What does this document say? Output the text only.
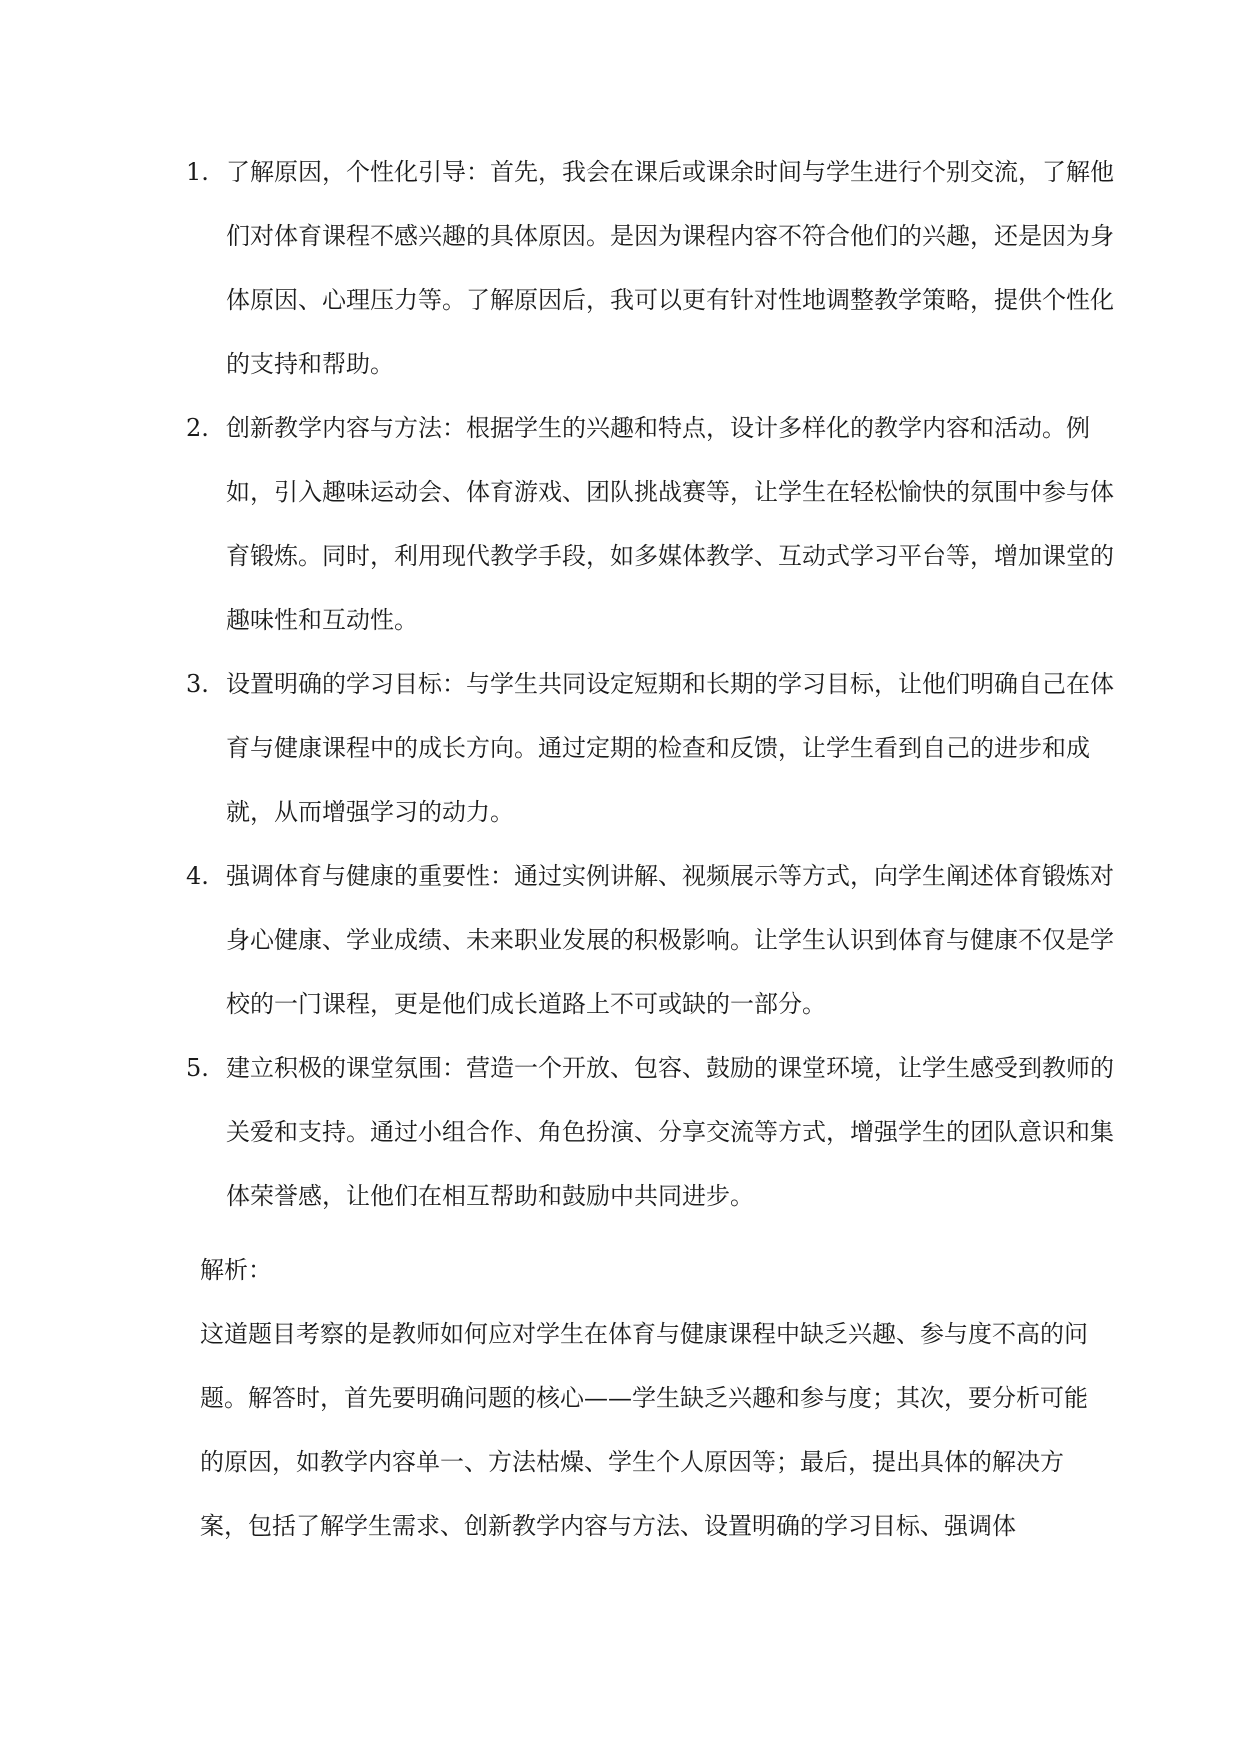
1. 了解原因，个性化引导：首先，我会在课后或课余时间与学生进行个别交流，了解他们对体育课程不感兴趣的具体原因。是因为课程内容不符合他们的兴趣，还是因为身体原因、心理压力等。了解原因后，我可以更有针对性地调整教学策略，提供个性化的支持和帮助。
2. 创新教学内容与方法：根据学生的兴趣和特点，设计多样化的教学内容和活动。例如，引入趣味运动会、体育游戏、团队挑战赛等，让学生在轻松愉快的氛围中参与体育锻炼。同时，利用现代教学手段，如多媒体教学、互动式学习平台等，增加课堂的趣味性和互动性。
3. 设置明确的学习目标：与学生共同设定短期和长期的学习目标，让他们明确自己在体育与健康课程中的成长方向。通过定期的检查和反馈，让学生看到自己的进步和成就，从而增强学习的动力。
4. 强调体育与健康的重要性：通过实例讲解、视频展示等方式，向学生阐述体育锻炼对身心健康、学业成绩、未来职业发展的积极影响。让学生认识到体育与健康不仅是学校的一门课程，更是他们成长道路上不可或缺的一部分。
5. 建立积极的课堂氛围：营造一个开放、包容、鼓励的课堂环境，让学生感受到教师的关爱和支持。通过小组合作、角色扮演、分享交流等方式，增强学生的团队意识和集体荣誉感，让他们在相互帮助和鼓励中共同进步。

解析：

这道题目考察的是教师如何应对学生在体育与健康课程中缺乏兴趣、参与度不高的问题。解答时，首先要明确问题的核心——学生缺乏兴趣和参与度；其次，要分析可能的原因，如教学内容单一、方法枯燥、学生个人原因等；最后，提出具体的解决方案，包括了解学生需求、创新教学内容与方法、设置明确的学习目标、强调体
